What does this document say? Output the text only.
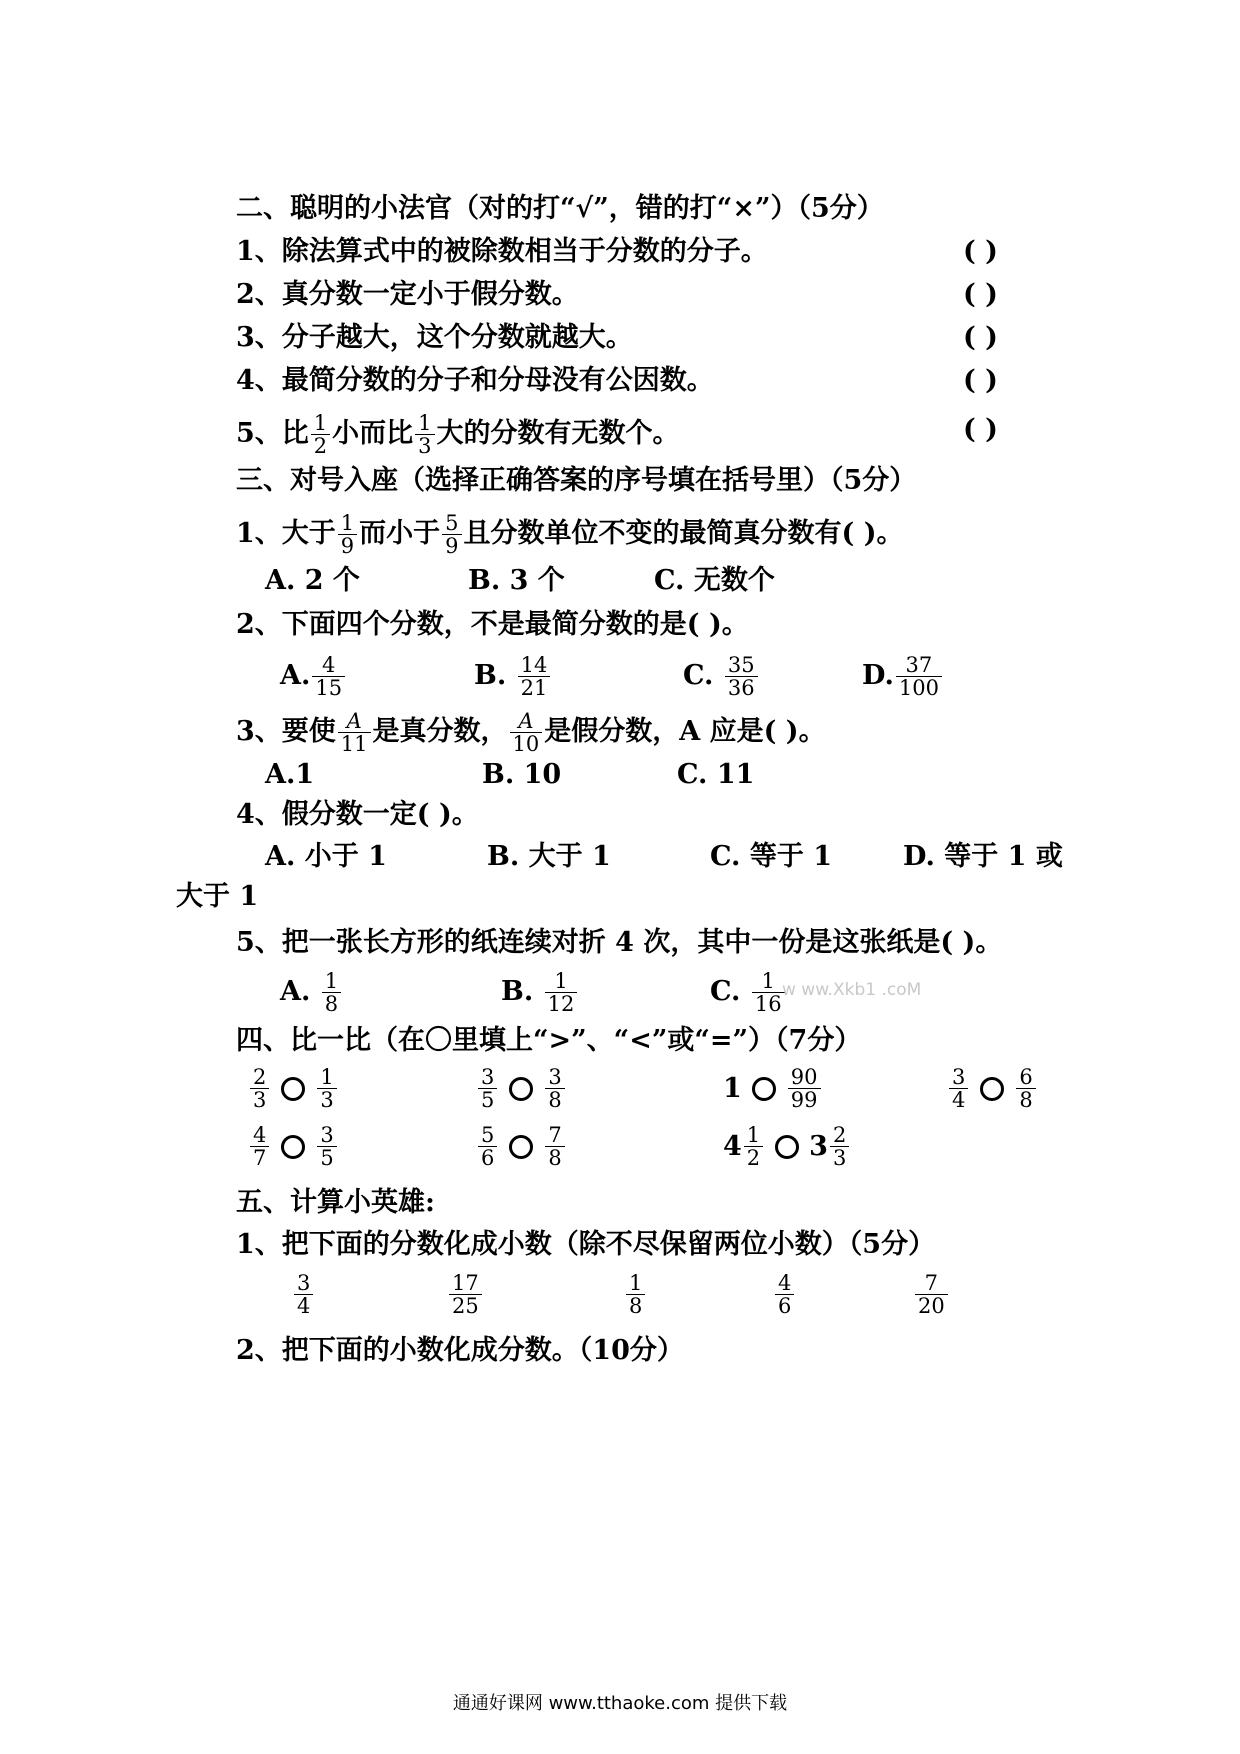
二、聪明的小法官（对的打“√”，错的打“×”）（5分）
1、除法算式中的被除数相当于分数的分子。	( )
2、真分数一定小于假分数。	( )
3、分子越大，这个分数就越大。	( )
4、最简分数的分子和分母没有公因数。	( )
5、比 $\frac{1}{2}$ 小而比 $\frac{1}{3}$ 大的分数有无数个。	( )
三、对号入座（选择正确答案的序号填在括号里）（5分）
1、大于 $\frac{1}{9}$ 而小于 $\frac{5}{9}$ 且分数单位不变的最简真分数有( )。
A. 2 个	B. 3 个	C. 无数个
2、下面四个分数，不是最简分数的是( )。
A. $\frac{4}{15}$	B. $\frac{14}{21}$	C. $\frac{35}{36}$	D. $\frac{37}{100}$
3、要使 $\frac{A}{11}$ 是真分数， $\frac{A}{10}$ 是假分数，A 应是( )。
A.1	B. 10	C. 11
4、假分数一定( )。
A. 小于 1	B. 大于 1	C. 等于 1	D. 等于 1 或
大于 1
5、把一张长方形的纸连续对折 4 次，其中一份是这张纸是( )。
A. $\frac{1}{8}$	B. $\frac{1}{12}$	C. $\frac{1}{16}$
w ww.Xkb1 .coM
四、比一比（在〇里填上“>”、“<”或“=”）（7分）
$\frac{2}{3} \frac{1}{3}$	$\frac{3}{5} \frac{3}{8}$	$1 \frac{90}{99}$	$\frac{3}{4} \frac{6}{8}$
$\frac{4}{7} \frac{3}{5}$	$\frac{5}{6} \frac{7}{8}$	$4 \frac{1}{2} 3 \frac{2}{3}$
五、计算小英雄:
1、把下面的分数化成小数（除不尽保留两位小数）（5分）
$\frac{3}{4}$	$\frac{17}{25}$	$\frac{1}{8}$	$\frac{4}{6}$	$\frac{7}{20}$
2、把下面的小数化成分数。（10分）
通通好课网 www.tthaoke.com 提供下载
